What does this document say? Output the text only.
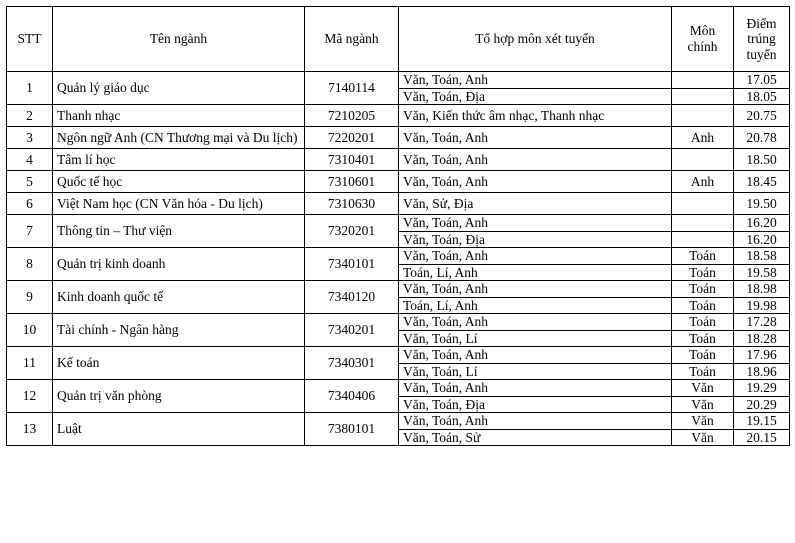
STT	Tên ngành	Mã ngành	Tổ hợp môn xét tuyển	Môn chính	Điểm trúng tuyển
1	Quản lý giáo dục	7140114	Văn, Toán, Anh		17.05
			Văn, Toán, Địa		18.05
2	Thanh nhạc	7210205	Văn, Kiến thức âm nhạc, Thanh nhạc		20.75
3	Ngôn ngữ Anh (CN Thương mại và Du lịch)	7220201	Văn, Toán, Anh	Anh	20.78
4	Tâm lí học	7310401	Văn, Toán, Anh		18.50
5	Quốc tế học	7310601	Văn, Toán, Anh	Anh	18.45
6	Việt Nam học (CN Văn hóa - Du lịch)	7310630	Văn, Sử, Địa		19.50
7	Thông tin – Thư viện	7320201	Văn, Toán, Anh		16.20
			Văn, Toán, Địa		16.20
8	Quản trị kinh doanh	7340101	Văn, Toán, Anh	Toán	18.58
			Toán, Lí, Anh	Toán	19.58
9	Kinh doanh quốc tế	7340120	Văn, Toán, Anh	Toán	18.98
			Toán, Lí, Anh	Toán	19.98
10	Tài chính - Ngân hàng	7340201	Văn, Toán, Anh	Toán	17.28
			Văn, Toán, Lí	Toán	18.28
11	Kế toán	7340301	Văn, Toán, Anh	Toán	17.96
			Văn, Toán, Lí	Toán	18.96
12	Quản trị văn phòng	7340406	Văn, Toán, Anh	Văn	19.29
			Văn, Toán, Địa	Văn	20.29
13	Luật	7380101	Văn, Toán, Anh	Văn	19.15
			Văn, Toán, Sử	Văn	20.15
